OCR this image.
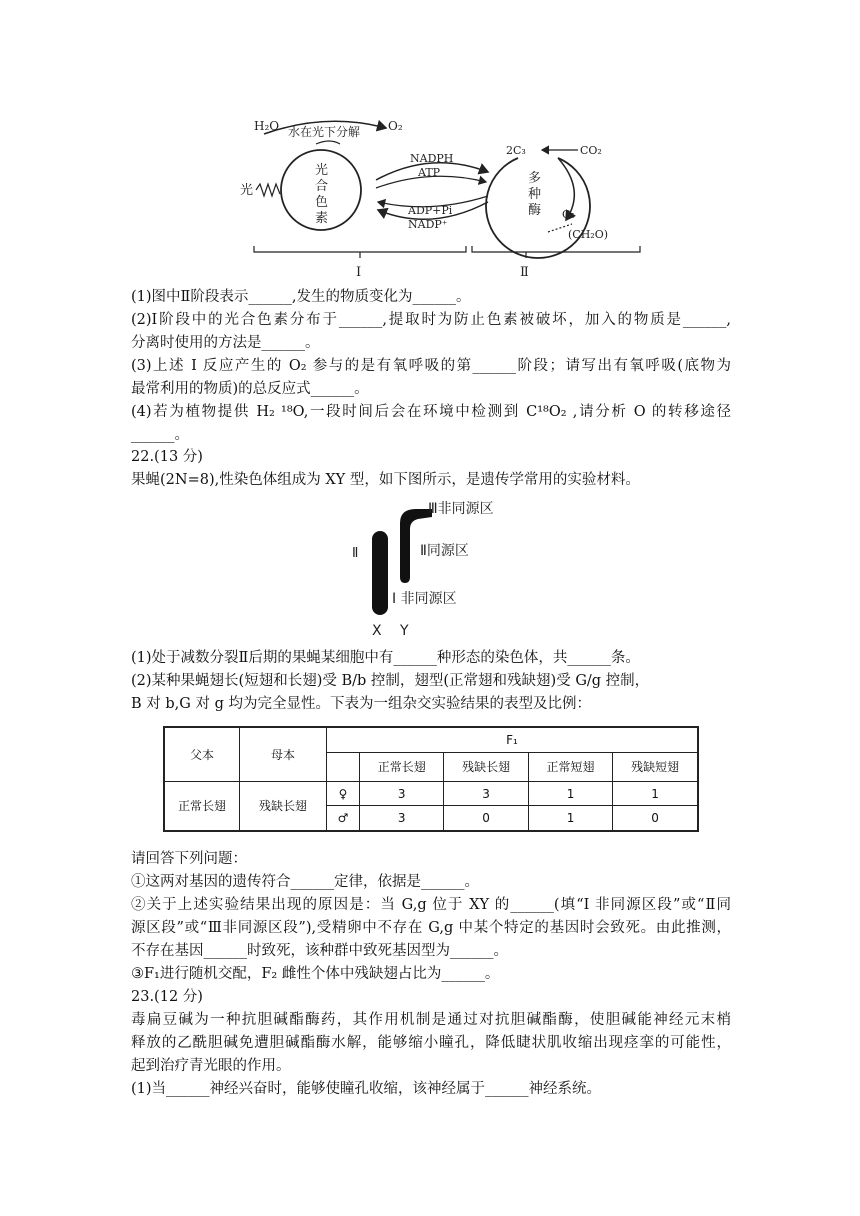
H₂O 水在光下分解 O₂
光
光
合
色
素
NADPH
ATP
ADP+Pi
NADP⁺
2C₃	CO₂
多
种
酶 C₅
(CH₂O)
I	Ⅱ
(1)图中Ⅱ阶段表示______,发生的物质变化为______。
(2)I阶段中的光合色素分布于______,提取时为防止色素被破坏，加入的物质是______,
分离时使用的方法是______。
(3)上述 I 反应产生的 O₂ 参与的是有氧呼吸的第______阶段；请写出有氧呼吸(底物为
最常利用的物质)的总反应式______。
(4)若为植物提供 H₂ ¹⁸O,一段时间后会在环境中检测到 C¹⁸O₂ ,请分析 O 的转移途径
______。
22.(13 分)
果蝇(2N=8),性染色体组成为 XY 型，如下图所示，是遗传学常用的实验材料。
Ⅱ
Ⅲ非同源区
Ⅱ同源区
I 非同源区
X Y
(1)处于减数分裂Ⅱ后期的果蝇某细胞中有______种形态的染色体，共______条。
(2)某种果蝇翅长(短翅和长翅)受 B/b 控制，翅型(正常翅和残缺翅)受 G/g 控制，
B 对 b,G 对 g 均为完全显性。下表为一组杂交实验结果的表型及比例：
父本	母本	F₁				
			正常长翅	残缺长翅	正常短翅	残缺短翅
正常长翅	残缺长翅	♀	3	3	1	1
		♂	3	0	1	0
请回答下列问题：
①这两对基因的遗传符合______定律，依据是______。
②关于上述实验结果出现的原因是：当 G,g 位于 XY 的______(填“I 非同源区段”或“Ⅱ同
源区段”或“Ⅲ非同源区段”),受精卵中不存在 G,g 中某个特定的基因时会致死。由此推测，
不存在基因______时致死，该种群中致死基因型为______。
③F₁进行随机交配，F₂ 雌性个体中残缺翅占比为______。
23.(12 分)
毒扁豆碱为一种抗胆碱酯酶药，其作用机制是通过对抗胆碱酯酶，使胆碱能神经元末梢
释放的乙酰胆碱免遭胆碱酯酶水解，能够缩小瞳孔，降低睫状肌收缩出现痉挛的可能性，
起到治疗青光眼的作用。
(1)当______神经兴奋时，能够使瞳孔收缩，该神经属于______神经系统。
